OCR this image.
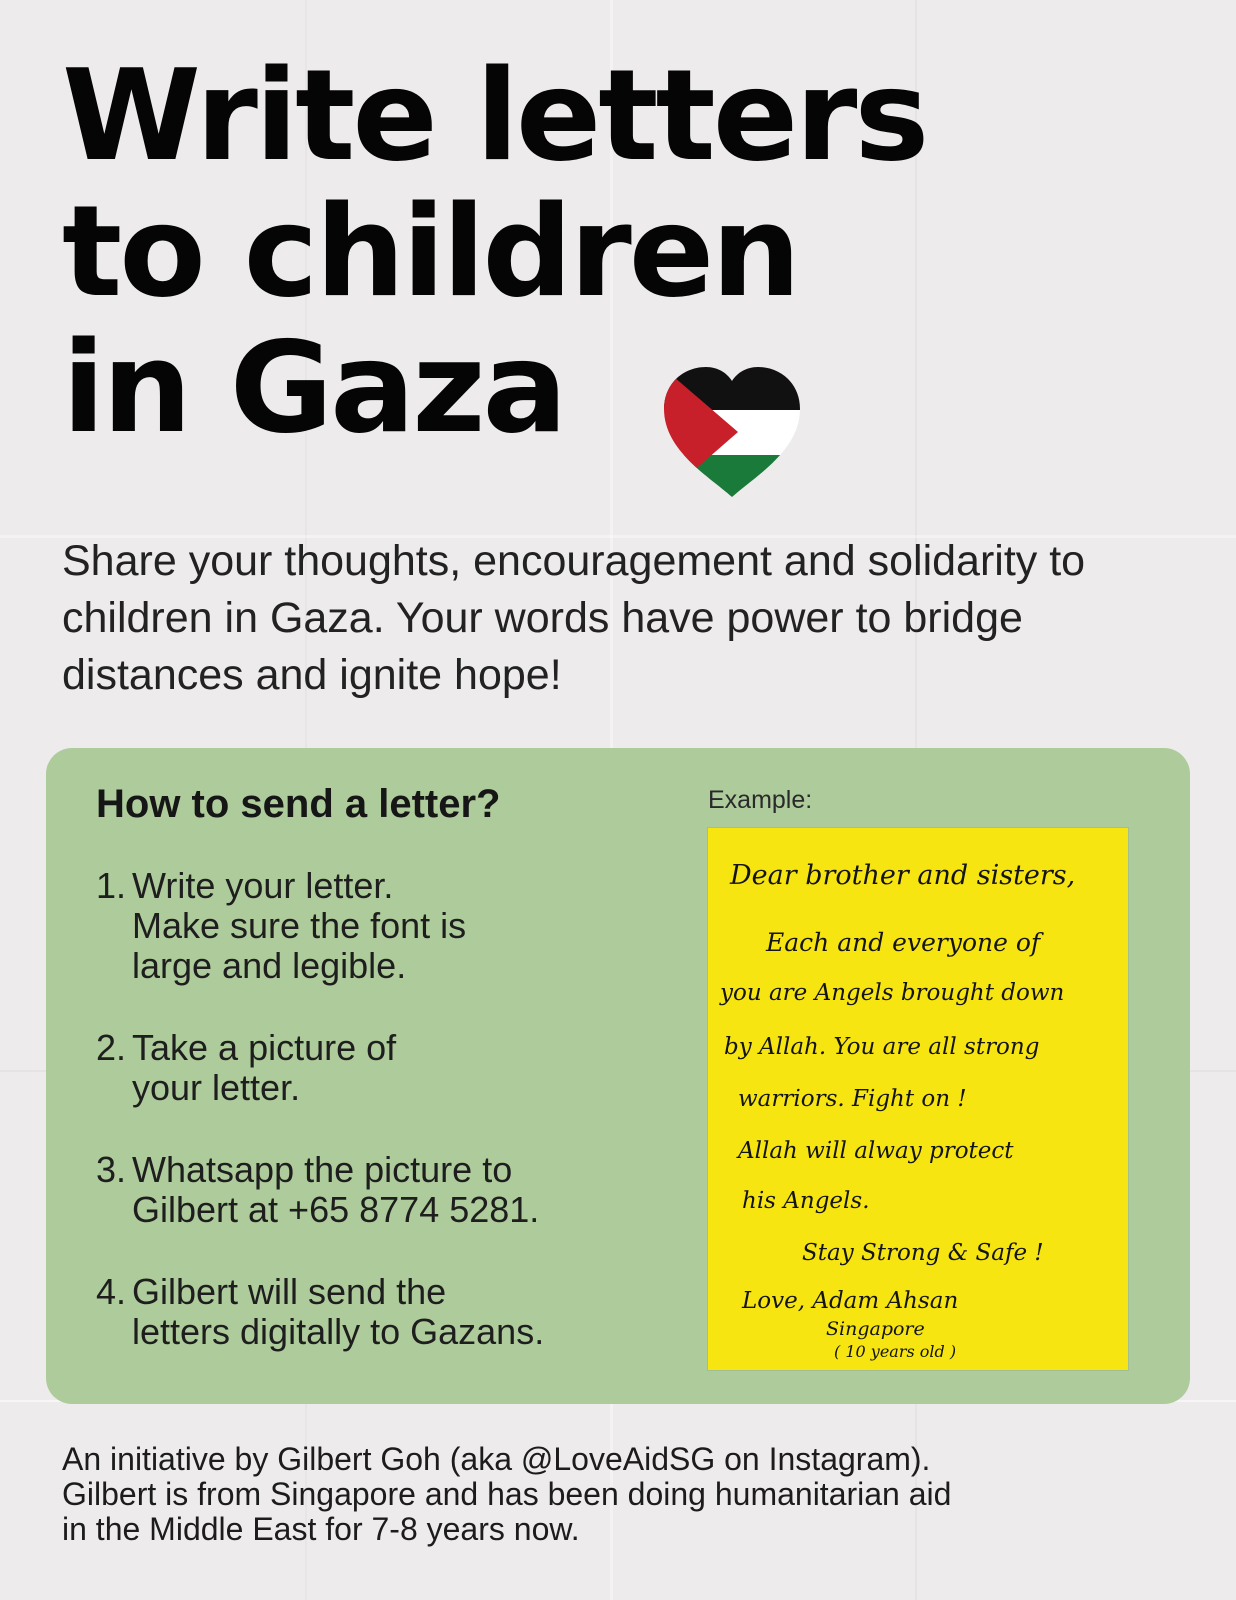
Write letters
to children
in Gaza

Share your thoughts, encouragement and solidarity to children in Gaza. Your words have power to bridge distances and ignite hope!

How to send a letter?
1. Write your letter.
Make sure the font is
large and legible.
2. Take a picture of
your letter.
3. Whatsapp the picture to
Gilbert at +65 8774 5281.
4. Gilbert will send the
letters digitally to Gazans.
Example:
Dear brother and sisters,
Each and everyone of
you are Angels brought down
by Allah. You are all strong
warriors. Fight on !
Allah will alway protect
his Angels.
Stay Strong & Safe !
Love, Adam Ahsan
Singapore
( 10 years old )

An initiative by Gilbert Goh (aka @LoveAidSG on Instagram).
Gilbert is from Singapore and has been doing humanitarian aid
in the Middle East for 7-8 years now.
